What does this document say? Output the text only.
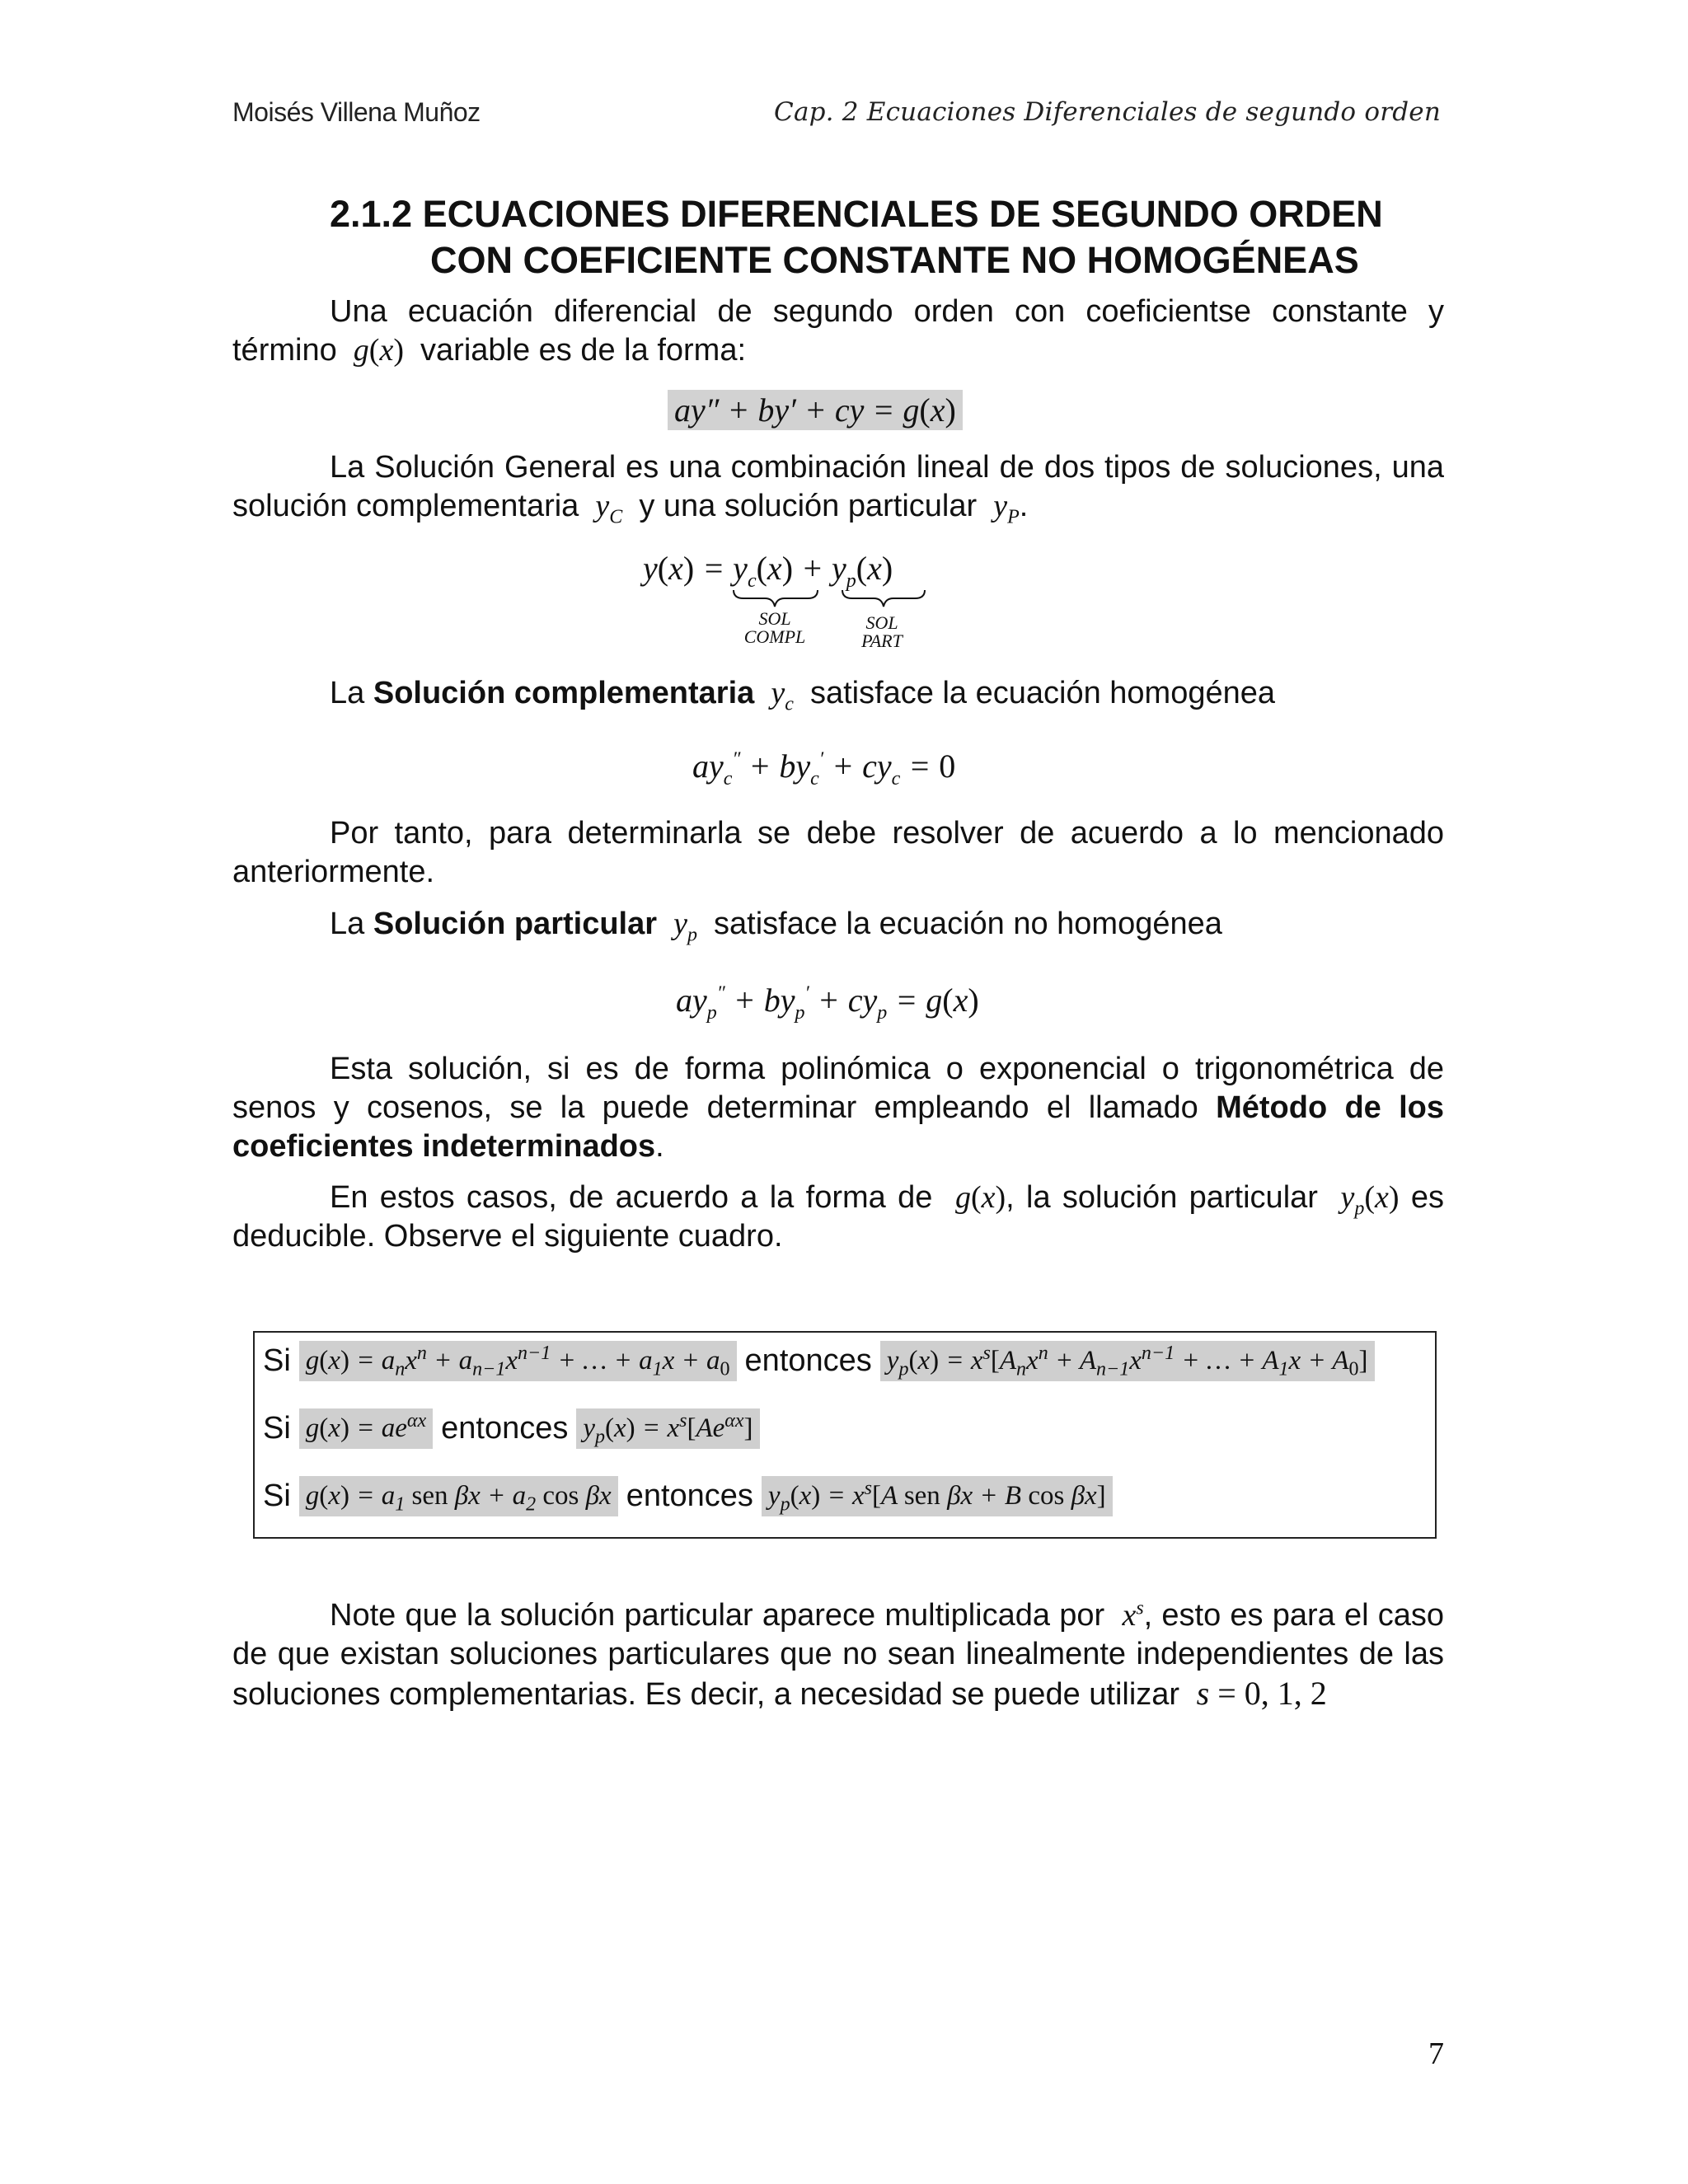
Moisés Villena Muñoz	Cap. 2 Ecuaciones Diferenciales de segundo orden
2.1.2 ECUACIONES DIFERENCIALES DE SEGUNDO ORDEN
CON COEFICIENTE CONSTANTE NO HOMOGÉNEAS
Una ecuación diferencial de segundo orden con coeficientse constante y término  g(x) variable es de la forma:
ay″ + by′ + cy = g(x)
La Solución General es una combinación lineal de dos tipos de soluciones, una solución complementaria  $y_C$ y una solución particular  $y_P$.
$y(x) = y_c(x) + y_p(x)$
SOL
COMPL
SOL
PART
La Solución complementaria  $y_c$ satisface la ecuación homogénea
$ay_c'' + by_c' + cy_c = 0$
Por tanto, para determinarla se debe resolver de acuerdo a lo mencionado anteriormente.
La Solución particular  $y_p$ satisface la ecuación no homogénea
$ay_p'' + by_p' + cy_p = g(x)$
Esta solución, si es de forma polinómica o exponencial o trigonométrica de senos y cosenos, se la puede determinar empleando el llamado Método de los coeficientes indeterminados.
En estos casos, de acuerdo a la forma de  g(x), la solución particular  $y_p(x)$ es deducible. Observe el siguiente cuadro.
Si $g(x) = a_nx^n + a_{n-1}x^{n-1}$ + … + $a_1x + a_0$ entonces $y_p(x) = x^s[A_nx^n + A_{n-1}x^{n-1}$ + … + $A_1x + A_0$]
Si $g(x) = ae^{\alpha x}$ entonces $y_p(x) = x^s[Ae^{\alpha x}]$
Si $g(x) = a_1$ sen $\beta x + a_2$ cos βx entonces $y_p(x) = x^s[A$ sen βx + B cos βx]
Note que la solución particular aparece multiplicada por  $x^s$, esto es para el caso de que existan soluciones particulares que no sean linealmente independientes de las soluciones complementarias. Es decir, a necesidad se puede utilizar  s = 0, 1, 2
7
